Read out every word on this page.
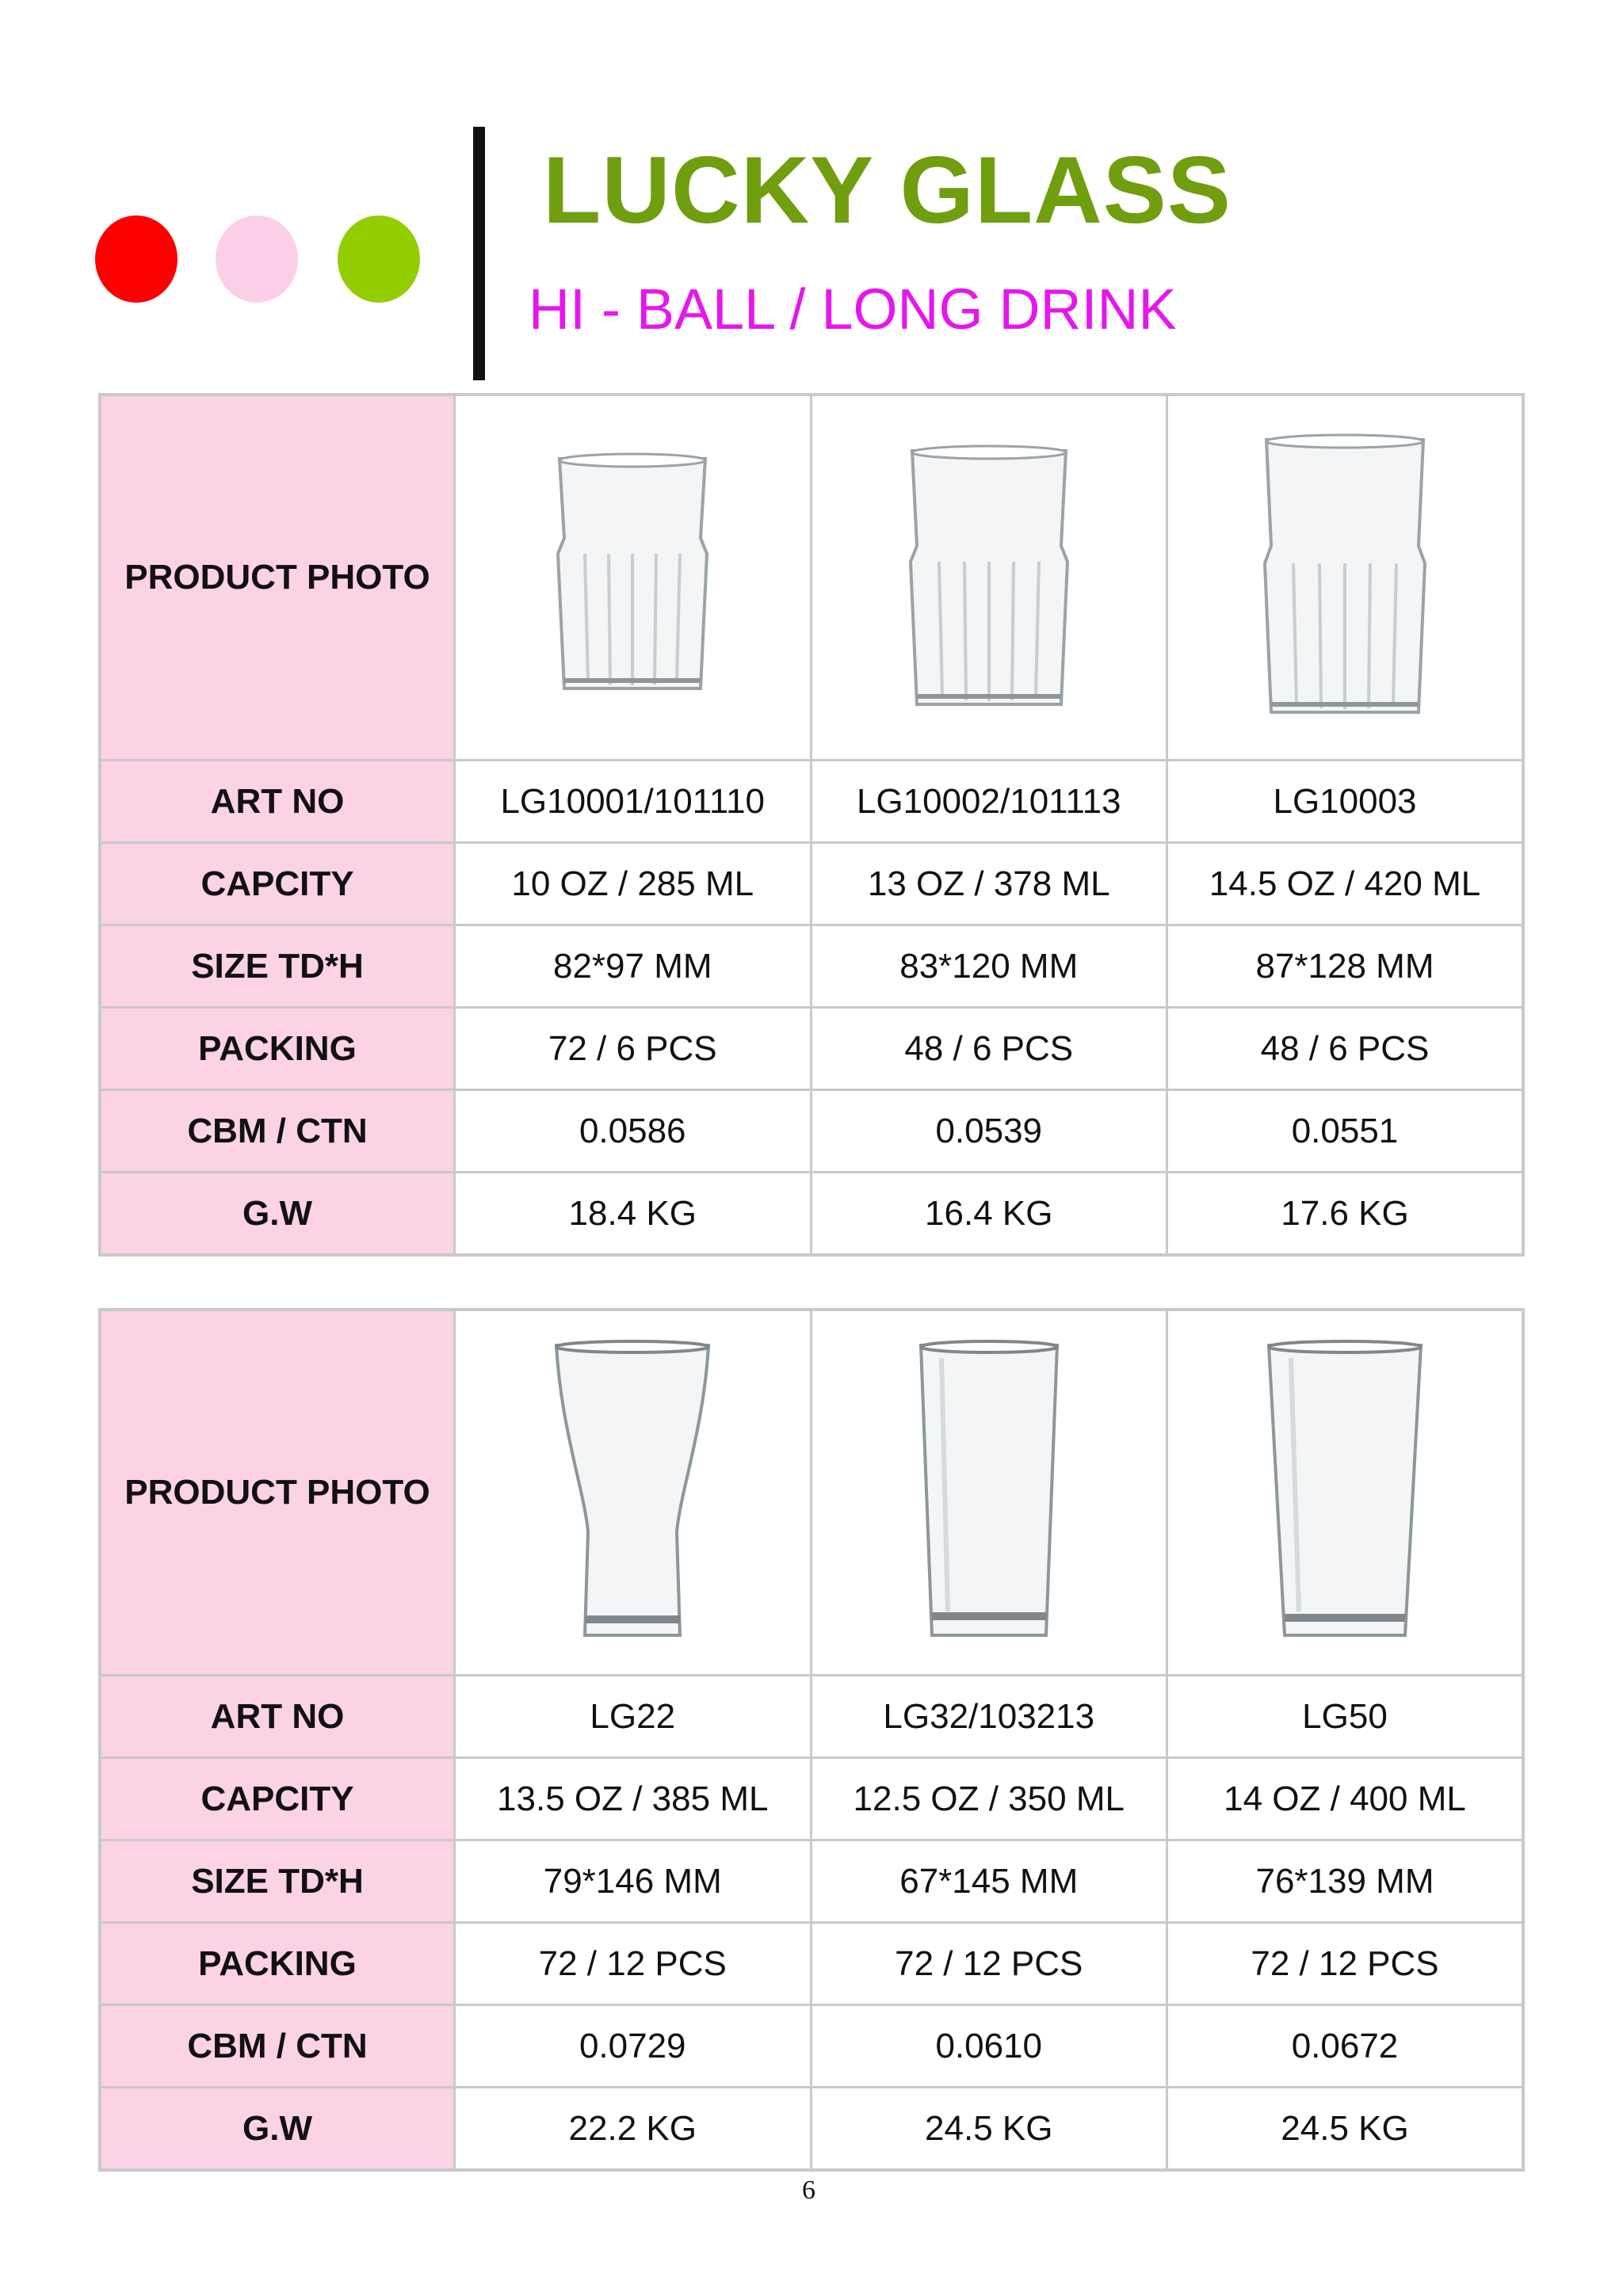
LUCKY GLASS
HI - BALL / LONG DRINK
PRODUCT PHOTO	

ART NO	LG10001/101110	LG10002/101113	LG10003
CAPCITY	10 OZ / 285 ML	13 OZ / 378 ML	14.5 OZ / 420 ML
SIZE TD*H	82*97 MM	83*120 MM	87*128 MM
PACKING	72 / 6 PCS	48 / 6 PCS	48 / 6 PCS
CBM / CTN	0.0586	0.0539	0.0551
G.W	18.4 KG	16.4 KG	17.6 KG
PRODUCT PHOTO	

ART NO	LG22	LG32/103213	LG50
CAPCITY	13.5 OZ / 385 ML	12.5 OZ / 350 ML	14 OZ / 400 ML
SIZE TD*H	79*146 MM	67*145 MM	76*139 MM
PACKING	72 / 12 PCS	72 / 12 PCS	72 / 12 PCS
CBM / CTN	0.0729	0.0610	0.0672
G.W	22.2 KG	24.5 KG	24.5 KG
6
